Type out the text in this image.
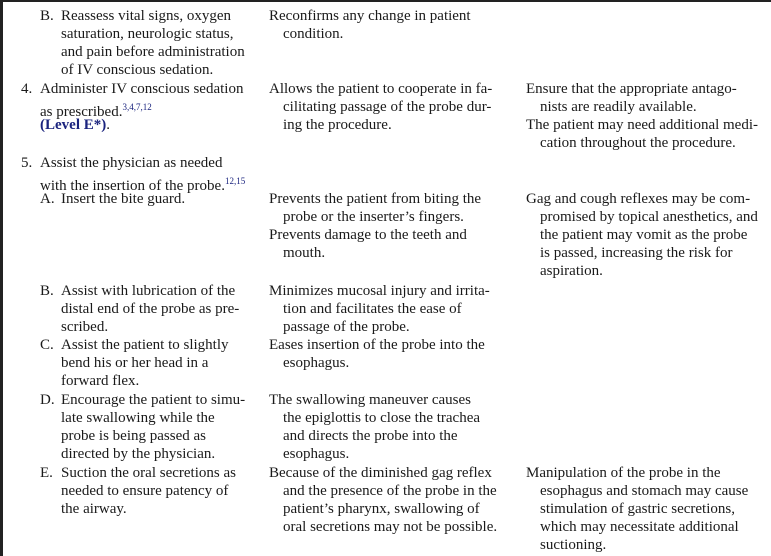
B. Reassess vital signs, oxygen
saturation, neurologic status,
and pain before administration
of IV conscious sedation.
Reconfirms any change in patient
condition.
4. Administer IV conscious sedation
as prescribed.$^{3,4,7,12}$
(Level E*).
Allows the patient to cooperate in fa-
cilitating passage of the probe dur-
ing the procedure.
Ensure that the appropriate antago-
nists are readily available.
The patient may need additional medi-
cation throughout the procedure.
5. Assist the physician as needed
with the insertion of the probe.$^{12,15}$
A. Insert the bite guard.	Prevents the patient from biting the
probe or the inserter’s fingers.
Prevents damage to the teeth and
mouth.
Gag and cough reflexes may be com-
promised by topical anesthetics, and
the patient may vomit as the probe
is passed, increasing the risk for
aspiration.
B. Assist with lubrication of the
distal end of the probe as pre-
scribed.
Minimizes mucosal injury and irrita-
tion and facilitates the ease of
passage of the probe.
C. Assist the patient to slightly
bend his or her head in a
forward flex.
Eases insertion of the probe into the
esophagus.
D. Encourage the patient to simu-
late swallowing while the
probe is being passed as
directed by the physician.
The swallowing maneuver causes
the epiglottis to close the trachea
and directs the probe into the
esophagus.
E. Suction the oral secretions as
needed to ensure patency of
the airway.
Because of the diminished gag reflex
and the presence of the probe in the
patient’s pharynx, swallowing of
oral secretions may not be possible.
Manipulation of the probe in the
esophagus and stomach may cause
stimulation of gastric secretions,
which may necessitate additional
suctioning.
